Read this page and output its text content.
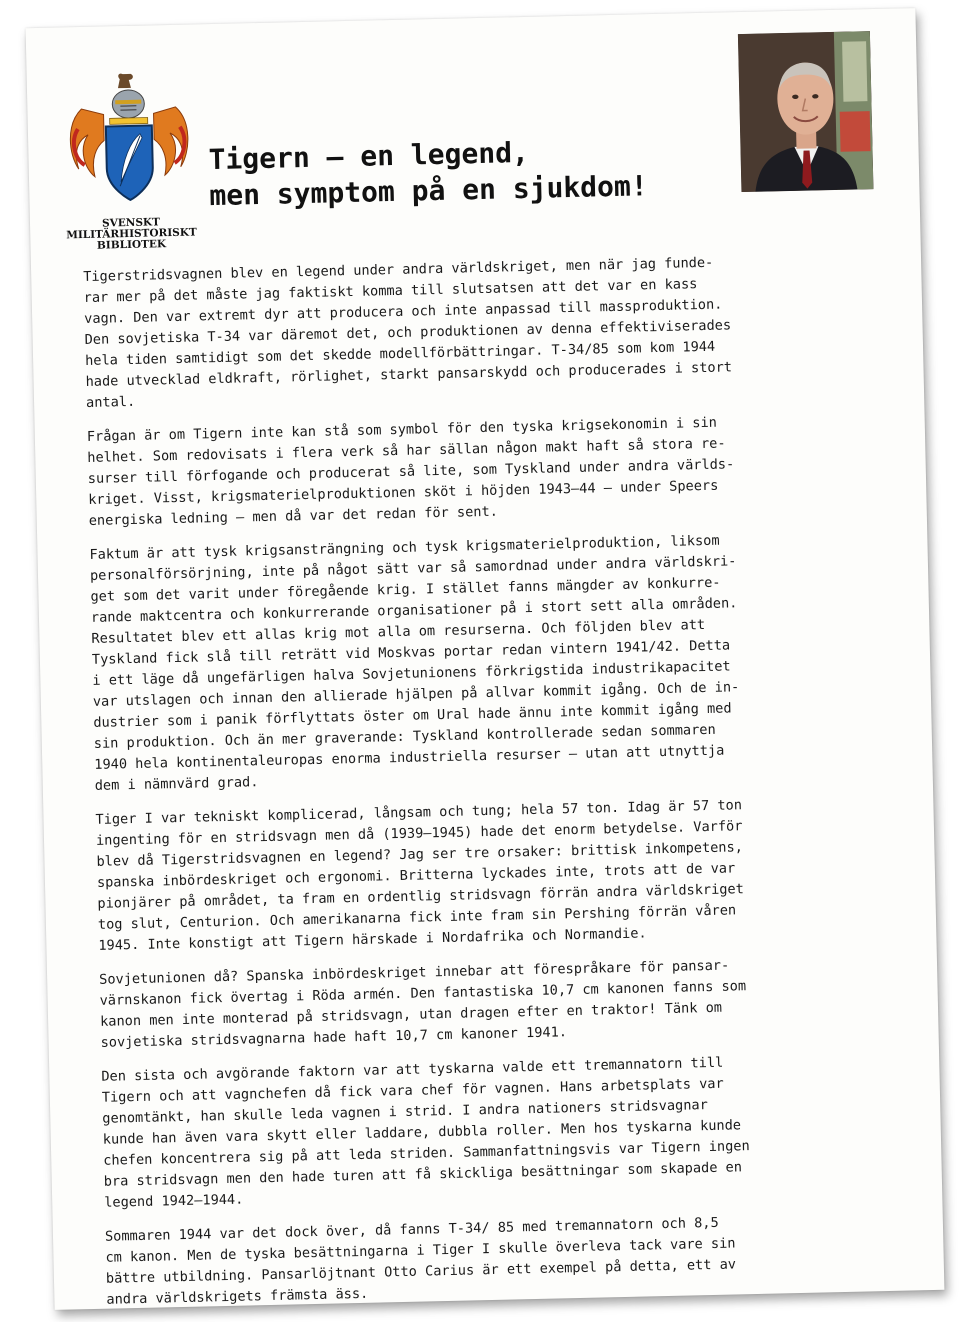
SVENSKT
MILITÄRHISTORISKT
BIBLIOTEK
Tigern – en legend,
men symptom på en sjukdom!

Tigerstridsvagnen blev en legend under andra världskriget, men när jag funde-
rar mer på det måste jag faktiskt komma till slutsatsen att det var en kass
vagn. Den var extremt dyr att producera och inte anpassad till massproduktion.
Den sovjetiska T-34 var däremot det, och produktionen av denna effektiviserades
hela tiden samtidigt som det skedde modellförbättringar. T-34/85 som kom 1944
hade utvecklad eldkraft, rörlighet, starkt pansarskydd och producerades i stort
antal.

Frågan är om Tigern inte kan stå som symbol för den tyska krigsekonomin i sin
helhet. Som redovisats i flera verk så har sällan någon makt haft så stora re-
surser till förfogande och producerat så lite, som Tyskland under andra världs-
kriget. Visst, krigsmaterielproduktionen sköt i höjden 1943–44 – under Speers
energiska ledning – men då var det redan för sent.

Faktum är att tysk krigsansträngning och tysk krigsmaterielproduktion, liksom
personalförsörjning, inte på något sätt var så samordnad under andra världskri-
get som det varit under föregående krig. I stället fanns mängder av konkurre-
rande maktcentra och konkurrerande organisationer på i stort sett alla områden.
Resultatet blev ett allas krig mot alla om resurserna. Och följden blev att
Tyskland fick slå till reträtt vid Moskvas portar redan vintern 1941/42. Detta
i ett läge då ungefärligen halva Sovjetunionens förkrigstida industrikapacitet
var utslagen och innan den allierade hjälpen på allvar kommit igång. Och de in-
dustrier som i panik förflyttats öster om Ural hade ännu inte kommit igång med
sin produktion. Och än mer graverande: Tyskland kontrollerade sedan sommaren
1940 hela kontinentaleuropas enorma industriella resurser – utan att utnyttja
dem i nämnvärd grad.

Tiger I var tekniskt komplicerad, långsam och tung; hela 57 ton. Idag är 57 ton
ingenting för en stridsvagn men då (1939–1945) hade det enorm betydelse. Varför
blev då Tigerstridsvagnen en legend? Jag ser tre orsaker: brittisk inkompetens,
spanska inbördeskriget och ergonomi. Britterna lyckades inte, trots att de var
pionjärer på området, ta fram en ordentlig stridsvagn förrän andra världskriget
tog slut, Centurion. Och amerikanarna fick inte fram sin Pershing förrän våren
1945. Inte konstigt att Tigern härskade i Nordafrika och Normandie.

Sovjetunionen då? Spanska inbördeskriget innebar att förespråkare för pansar-
värnskanon fick övertag i Röda armén. Den fantastiska 10,7 cm kanonen fanns som
kanon men inte monterad på stridsvagn, utan dragen efter en traktor! Tänk om
sovjetiska stridsvagnarna hade haft 10,7 cm kanoner 1941.

Den sista och avgörande faktorn var att tyskarna valde ett tremannatorn till
Tigern och att vagnchefen då fick vara chef för vagnen. Hans arbetsplats var
genomtänkt, han skulle leda vagnen i strid. I andra nationers stridsvagnar
kunde han även vara skytt eller laddare, dubbla roller. Men hos tyskarna kunde
chefen koncentrera sig på att leda striden. Sammanfattningsvis var Tigern ingen
bra stridsvagn men den hade turen att få skickliga besättningar som skapade en
legend 1942–1944.

Sommaren 1944 var det dock över, då fanns T-34/ 85 med tremannatorn och 8,5
cm kanon. Men de tyska besättningarna i Tiger I skulle överleva tack vare sin
bättre utbildning. Pansarlöjtnant Otto Carius är ett exempel på detta, ett av
andra världskrigets främsta äss.
